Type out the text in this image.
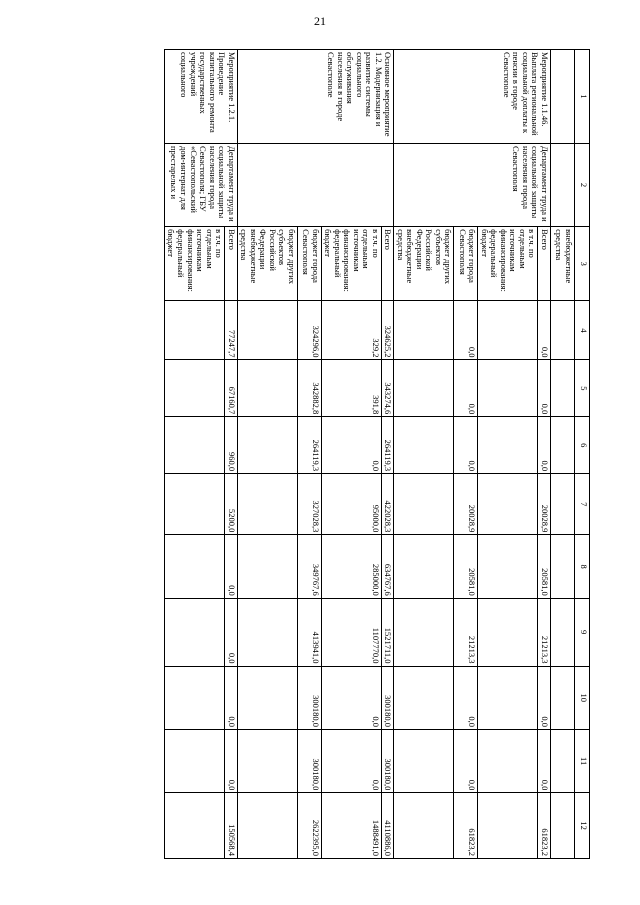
21
1	2	3	4	5	6	7	8	9	10	11	12
		внебюджетные средства									
Мероприятие 1.1.46. Выплата региональной социальной доплаты к пенсии в городе Севастополе	Департамент труда и социальной защиты населения города Севастополя	Всего	0,0	0,0	0,0	20028,9	20581,0	21213,3	0,0	0,0	61823,2
		в т.ч. по отдельным источникам финансирования: федеральный бюджет									
		бюджет города Севастополя	0,0	0,0	0,0	20028,9	20581,0	21213,3	0,0	0,0	61823,2
		бюджет других субъектов Российской Федерации внебюджетные средства									
Основное мероприятие 1.2. Модернизация и развитие системы социального обслуживания населения в городе Севастополе		Всего	324625,2	343274,6	264119,3	422028,3	634767,6	1521711,0	300180,0	300180,0	4110886,0
		в т.ч. по отдельным источникам финансирования: федеральный бюджет	329,2	391,8	0,0	95000,0	285000,0	1107770,0	0,0	0,0	1488491,0
		бюджет города Севастополя	324296,0	342882,8	264119,3	327028,3	349767,6	413941,0	300180,0	300180,0	2622395,0
		бюджет других субъектов Российской Федерации внебюджетные средства									
Мероприятие 1.2.1. Проведение капитального ремонта государственных учреждений социального	Департамент труда и социальной защиты населения города Севастополя; ГБУ «Севастопольский дом-интернат для престарелых и	Всего	77247,7	67160,7	960,0	5200,0	0,0	0,0	0,0	0,0	150568,4
		в т.ч. по отдельным источникам финансирования: федеральный бюджет									
